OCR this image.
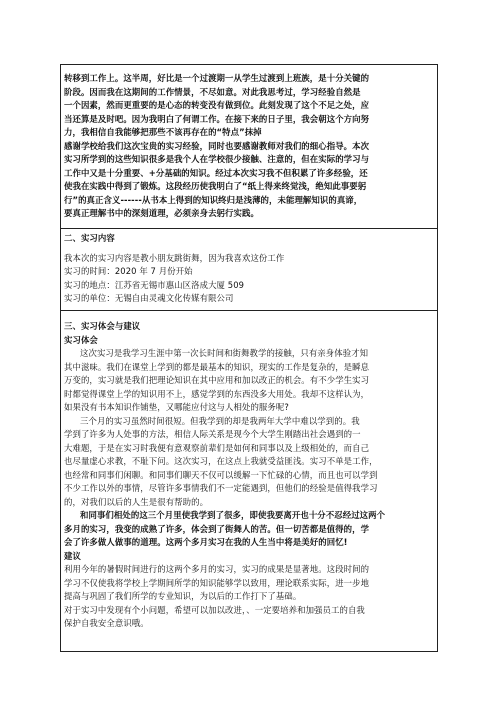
转移到工作上。这半周，好比是一个过渡期一从学生过渡到上班族，是十分关键的

阶段。因而我在这期间的工作情景，不尽如意。对此我思考过，学习经验自然是

一个因素，然而更重要的是心态的转变没有做到位。此刻发现了这个不足之处，应

当还算是及时吧。因为我明白了何谓工作。在接下来的日子里，我会朝这个方向努

力，我相信自我能够把那些不该再存在的“特点”抹掉

感谢学校给我们这次宝贵的实习经验，同时也要感谢教师对我们的细心指导。本次

实习所学到的这些知识很多是我个人在学校很少接触、注意的，但在实际的学习与

工作中又是十分重要、+分基础的知识。经过本次实习我不但积累了许多经验，还

使我在实践中得到了锻炼。这段经历使我明白了“纸上得来终觉浅，绝知此事要躬

行”的真正含义------从书本上得到的知识终归是浅薄的，未能理解知识的真谛，

要真正理解书中的深刻道理，必须亲身去躬行实践。

二、实习内容

我本次的实习内容是教小朋友跳街舞，因为我喜欢这份工作

实习的时间：2020 年 7 月份开始

实习的地点：江苏省无锡市惠山区洛成大厦 509

实习的单位：无锡自由灵魂文化传媒有限公司

三、实习体会与建议

实习体会

这次实习是我学习生涯中第一次长时间和街舞教学的接触，只有亲身体验才知

其中滋味。我们在课堂上学到的都是最基本的知识，现实的工作是复杂的，是瞬息

万变的，实习就是我们把理论知识在其中应用和加以改正的机会。有不少学生实习

时都觉得课堂上学的知识用不上，感觉学到的东西没多大用处。我却不这样认为，

如果没有书本知识作铺垫，又哪能应付这与人相处的服务呢?

三个月的实习虽然时间很短。但我学到的却是我两年大学中难以学到的。我

学到了许多为人处事的方法，相信人际关系是现今个大学生刚踏出社会遇到的一

大难题，于是在实习时我便有意观察前辈们是如何和同事以及上级相处的，而自己

也尽量虚心求教，不耻下问。这次实习，在这点上我就受益匪浅。实习不单是工作，

也经常和同事们闲聊。和同事们聊天不仅可以缓解一下忙碌的心情，而且也可以学到

不少工作以外的事情，尽管许多事情我们不一定能遇到，但他们的经验是值得我学习

的，对我们以后的人生是很有帮助的。

和同事们相处的这三个月里使我学到了很多，即使我要离开也十分不忍经过这两个

多月的实习，我变的成熟了许多，体会到了街舞人的苦。但一切苦都是值得的，学

会了许多做人做事的道理。这两个多月实习在我的人生当中将是美好的回忆!

建议

利用今年的暑假时间进行的这两个多月的实习，实习的成果是显著地。这段时间的

学习不仅使我将学校上学期间所学的知识能够学以致用，理论联系实际，进一步地

提高与巩固了我们所学的专业知识，为以后的工作打下了基础。

对于实习中发现有个小问题，希望可以加以改进，、一定要培养和加强员工的自我

保护自我安全意识哦。
